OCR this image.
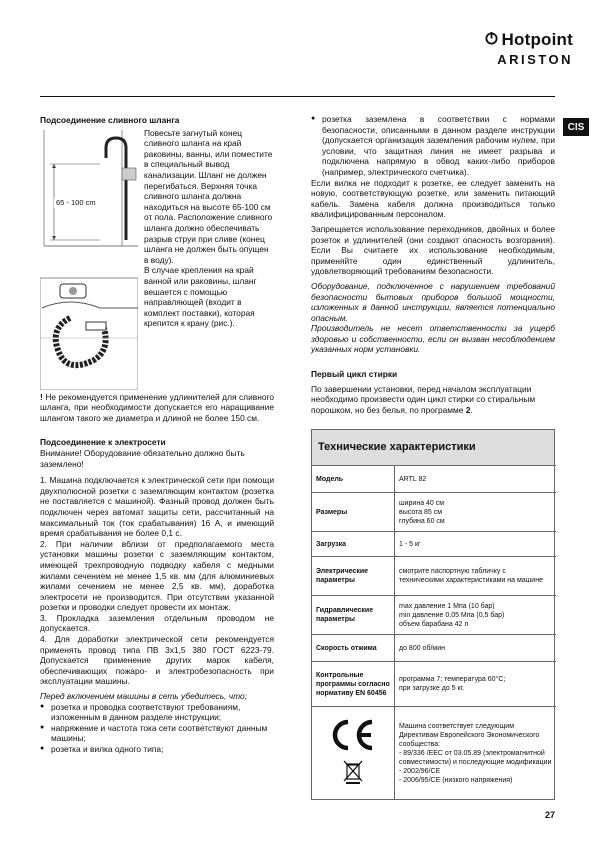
Hotpoint
ARISTON
CIS
Подсоединение сливного шланга
65 - 100 cm

Повесьте загнутый конец сливного шланга на край раковины, ванны, или поместите в специальный вывод канализации. Шланг не должен перегибаться. Верхняя точка сливного шланга должна находиться на высоте 65-100 см от пола. Расположение сливного шланга должно обеспечивать разрыв струи при сливе (конец шланга не должен быть опущен в воду).

В случае крепления на край ванной или раковины, шланг вешается с помощью направляющей (входит в комплект поставки), которая крепится к крану (рис.).

! Не рекомендуется применение удлинителей для сливного шланга, при необходимости допускается его наращивание шлангом такого же диаметра и длиной не более 150 см.

Подсоединение к электросети

Внимание! Оборудование обязательно должно быть заземлено!

1. Машина подключается к электрической сети при помощи двухполюсной розетки с заземляющим контактом (розетка не поставляется с машиной). Фазный провод должен быть подключен через автомат защиты сети, рассчитанный на максимальный ток (ток срабатывания) 16 А, и имеющий время срабатывания не более 0,1 с.

2. При наличии вблизи от предполагаемого места установки машины розетки с заземляющим контактом, имеющей трехпроводную подводку кабеля с медными жилами сечением не менее 1,5 кв. мм (для алюминиевых жилами сечением не менее 2,5 кв. мм), доработка электросети не производится. При отсутствии указанной розетки и проводки следует провести их монтаж.

3. Прокладка заземления отдельным проводом не допускается.

4. Для доработки электрической сети рекомендуется применять провод типа ПВ 3х1,5 380 ГОСТ 6223-79. Допускается применение других марок кабеля, обеспечивающих пожаро- и электробезопасность при эксплуатации машины.

Перед включением машины в сеть убедитесь, что;

● розетка и проводка соответствуют требованиям, изложенным в данном разделе инструкции;
● напряжение и частота тока сети соответствуют данным машины;
● розетка и вилка одного типа;
● розетка заземлена в соответствии с нормами безопасности, описанными в данном разделе инструкции (допускается организация заземления рабочим нулем, при условии, что защитная линия не имеет разрыва и подключена напрямую в обвод каких-либо приборов (например, электрического счетчика).

Если вилка не подходит к розетке, ее следует заменить на новую, соответствующую розетке, или заменить питающий кабель. Замена кабеля должна производиться только квалифицированным персоналом.

Запрещается использование переходников, двойных и более розеток и удлинителей (они создают опасность возгорания). Если Вы считаете их использование необходимым, применяйте один единственный удлинитель, удовлетворяющий требованиям безопасности.

Оборудование, подключенное с нарушением требований безопасности бытовых приборов большой мощности, изложенных в данной инструкции, является потенциально опасным.

Производитель не несет ответственности за ущерб здоровью и собственности, если он вызван несоблюдением указанных норм установки.

Первый цикл стирки

По завершении установки, перед началом эксплуатации необходимо произвести один цикл стирки со стиральным порошком, но без белья, по программе 2.

Технические характеристики
Модель	ARTL 82
Размеры	ширина 40 см
высота 85 см
глубина 60 см

Загрузка	1 - 5 кг
Электрические параметры	смотрите паспортную табличку с техническими характеристиками на машине
Гидравлические параметры	max давление 1 Мпа (10 бар)
min давление 0,05 Мпа (0,5 бар)
объем барабана 42 л

Скорость отжима	до 800 об/мин
Контрольные программы согласно нормативу EN 60456	программа 7; температура 60°С;
при загрузке до 5 кг.

Машина соответствует следующим Директивам Европейского Экономического сообщества:
- 89/336 /ЕЕС от 03.05.89 (электромагнитной совместимости) и последующие модификации
- 2002/96/CE
- 2006/95/CE (низкого напряжения)
27
